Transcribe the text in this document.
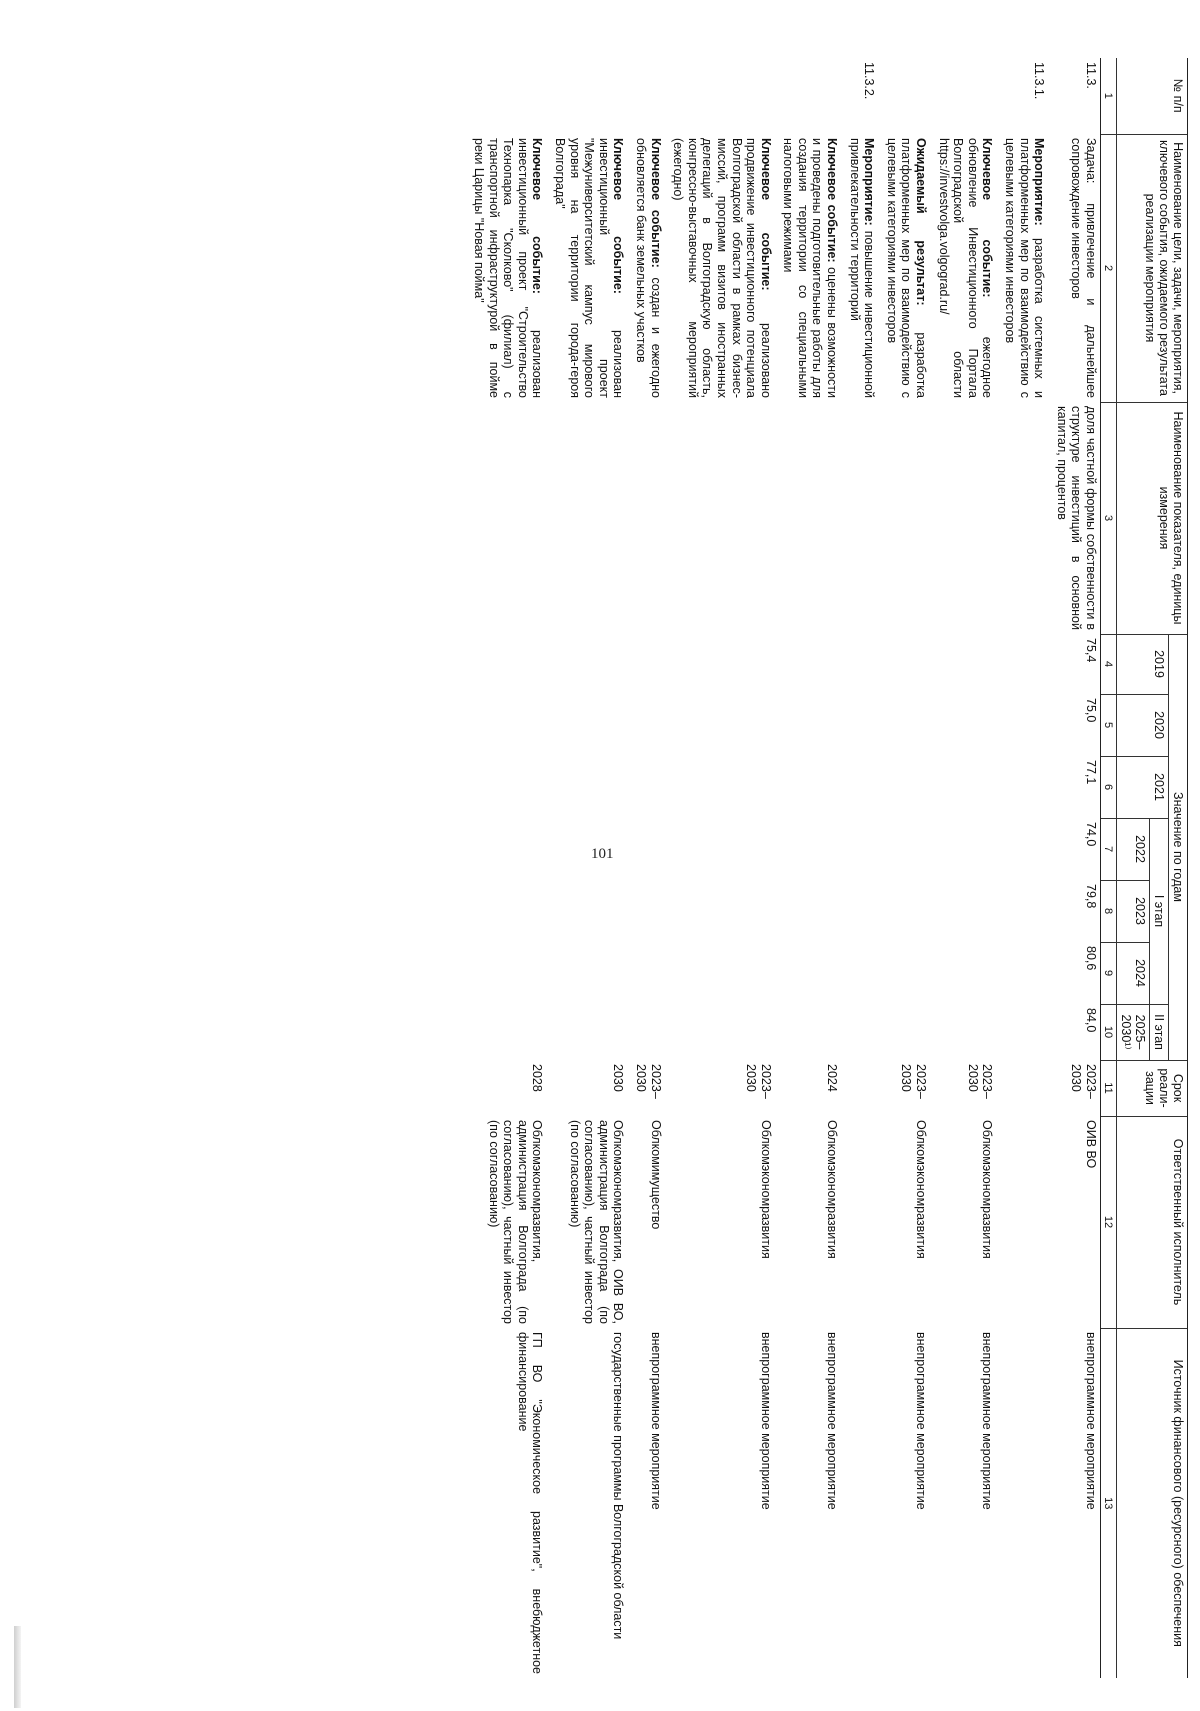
101
№ п/п	Наименование цели, задачи, мероприятия, ключевого события, ожидаемого результата реализации мероприятия	Наименование показателя, единицы измерения	Значение по годам							Срок реали-зации	Ответственный исполнитель	Источник финансового (ресурсного) обеспечения
			2019	2020	2021	I этап			II этап			
						2022	2023	2024	2025–2030¹⁾			
1	2	3	4	5	6	7	8	9	10	11	12	13
11.3.	Задача: привлечение и дальнейшее сопровождение инвесторов	доля частной формы собственности в структуре инвестиций в основной капитал, процентов	75,4	75,0	77,1	74,0	79,8	80,6	84,0	2023–2030	ОИВ ВО	внепрограммное мероприятие
11.3.1.	Мероприятие: разработка системных и платформенных мер по взаимодействию с целевыми категориями инвесторов											
	Ключевое событие: ежегодное обновление Инвестиционного Портала Волгоградской области https://investvolga.volgograd.ru/									2023–2030	Облкомэкономразвития	внепрограммное мероприятие
	Ожидаемый результат: разработка платформенных мер по взаимодействию с целевыми категориями инвесторов									2023–2030	Облкомэкономразвития	внепрограммное мероприятие
11.3.2.	Мероприятие: повышение инвестиционной привлекательности территорий											
	Ключевое событие: оценены возможности и проведены подготовительные работы для создания территории со специальными налоговыми режимами									2024	Облкомэкономразвития	внепрограммное мероприятие
	Ключевое событие: реализовано продвижение инвестиционного потенциала Волгоградской области в рамках бизнес-миссий, программ визитов иностранных делегаций в Волгоградскую область, конгрессно-выставочных мероприятий (ежегодно)									2023–2030	Облкомэкономразвития	внепрограммное мероприятие
	Ключевое событие: создан и ежегодно обновляется банк земельных участков									2023–2030	Облкомимущество	внепрограммное мероприятие
	Ключевое событие: реализован инвестиционный проект "Межуниверситетский кампус мирового уровня на территории города-героя Волгограда"									2030	Облкомэкономразвития, ОИВ ВО, администрация Волгограда (по согласованию), частный инвестор (по согласованию)	государственные программы Волгоградской области
	Ключевое событие: реализован инвестиционный проект "Строительство Технопарка "Сколково" (филиал) с транспортной инфраструктурой в пойме реки Царицы "Новая пойма"									2028	Облкомэкономразвития, администрация Волгограда (по согласованию), частный инвестор (по согласованию)	ГП ВО "Экономическое развитие", внебюджетное финансирование
